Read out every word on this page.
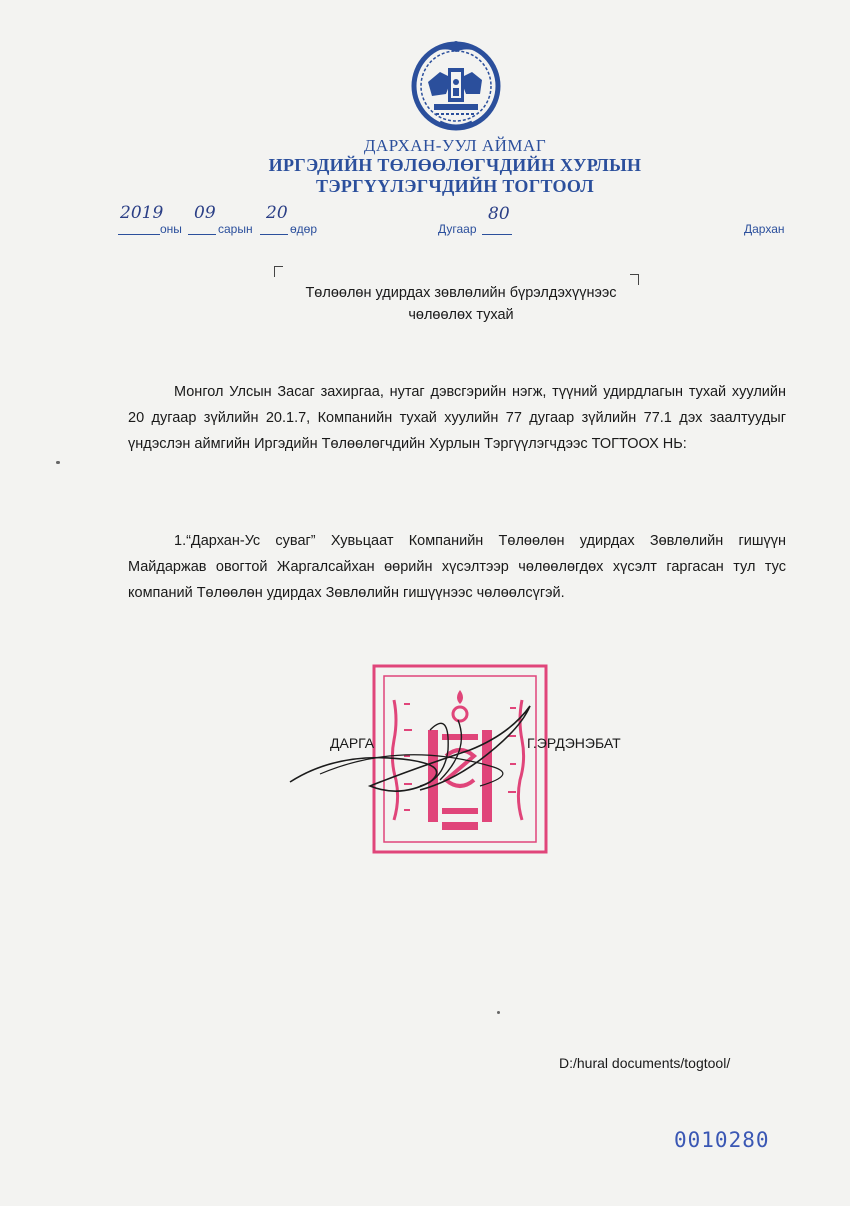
ДАРХАН-УУЛ АЙМАГ
ИРГЭДИЙН ТӨЛӨӨЛӨГЧДИЙН ХУРЛЫН
ТЭРГҮҮЛЭГЧДИЙН ТОГТООЛ
2019
оны
09
сарын
20
өдөр	Дугаар
80
Дархан
Төлөөлөн удирдах зөвлөлийн бүрэлдэхүүнээс
чөлөөлөх тухай
Монгол Улсын Засаг захиргаа, нутаг дэвсгэрийн нэгж, түүний удирдлагын тухай хуулийн 20 дугаар зүйлийн 20.1.7, Компанийн тухай хуулийн 77 дугаар зүйлийн 77.1 дэх заалтуудыг үндэслэн аймгийн Иргэдийн Төлөөлөгчдийн Хурлын Тэргүүлэгчдээс ТОГТООХ НЬ:
1.“Дархан-Ус суваг” Хувьцаат Компанийн Төлөөлөн удирдах Зөвлөлийн гишүүн Майдаржав овогтой Жаргалсайхан өөрийн хүсэлтээр чөлөөлөгдөх хүсэлт гаргасан тул тус компаний Төлөөлөн удирдах Зөвлөлийн гишүүнээс чөлөөлсүгэй.
ДАРГА	Г.ЭРДЭНЭБАТ
D:/hural documents/togtool/
0010280
